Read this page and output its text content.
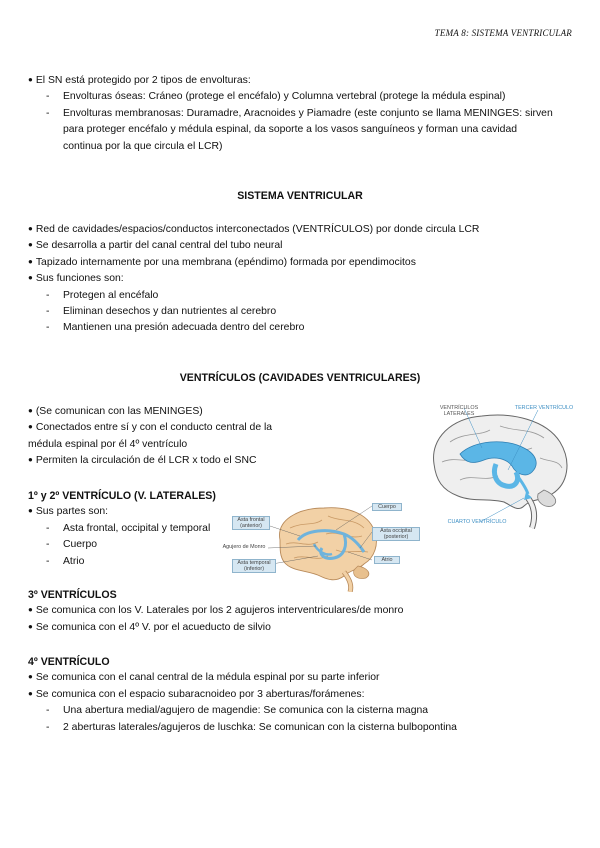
TEMA 8: SISTEMA VENTRICULAR
● El SN está protegido por 2 tipos de envolturas:
- Envolturas óseas: Cráneo (protege el encéfalo) y Columna vertebral (protege la médula espinal)
- Envolturas membranosas: Duramadre, Aracnoides y Piamadre (este conjunto se llama MENINGES: sirven para proteger encéfalo y médula espinal, da soporte a los vasos sanguíneos y forman una cavidad continua por la que circula el LCR)
SISTEMA VENTRICULAR
● Red de cavidades/espacios/conductos interconectados (VENTRÍCULOS) por donde circula LCR
● Se desarrolla a partir del canal central del tubo neural
● Tapizado internamente por una membrana (epéndimo) formada por ependimocitos
● Sus funciones son:
- Protegen al encéfalo
- Eliminan desechos y dan nutrientes al cerebro
- Mantienen una presión adecuada dentro del cerebro
VENTRÍCULOS (CAVIDADES VENTRICULARES)
● (Se comunican con las MENINGES)
● Conectados entre sí y con el conducto central de la médula espinal por él 4º ventrículo
● Permiten la circulación de él LCR x todo el SNC
1º y 2º VENTRÍCULO (V. LATERALES)
● Sus partes son:
- Asta frontal, occipital y temporal
- Cuerpo
- Atrio
3º VENTRÍCULOS
● Se comunica con los V. Laterales por los 2 agujeros interventriculares/de monro
● Se comunica con el 4º V. por el acueducto de silvio
4º VENTRÍCULO
● Se comunica con el canal central de la médula espinal por su parte inferior
● Se comunica con el espacio subaracnoideo por 3 aberturas/forámenes:
- Una abertura medial/agujero de magendie: Se comunica con la cisterna magna
- 2 aberturas laterales/agujeros de luschka: Se comunican con la cisterna bulbopontina
VENTRÍCULOS LATERALES
TERCER VENTRÍCULO
CUARTO VENTRÍCULO
Asta frontal
(anterior)
Agujero de Monro
Asta temporal
(inferior)
Cuerpo
Asta occipital
(posterior)
Atrio
